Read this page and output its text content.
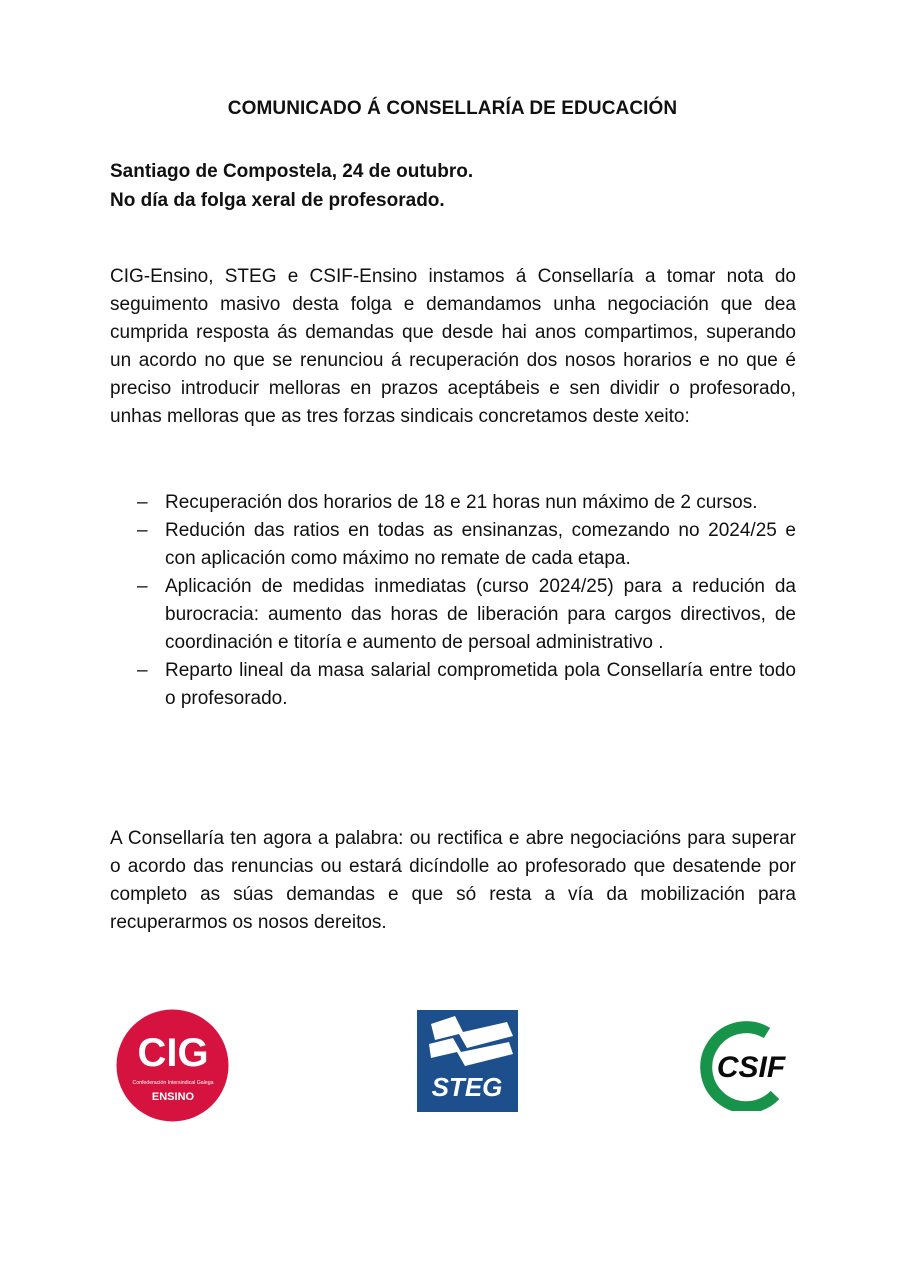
COMUNICADO Á CONSELLARÍA DE EDUCACIÓN
Santiago de Compostela, 24 de outubro.
No día da folga xeral de profesorado.

CIG-Ensino, STEG e CSIF-Ensino instamos á Consellaría a tomar nota do seguimento masivo desta folga e demandamos unha negociación que dea cumprida resposta ás demandas que desde hai anos compartimos, superando un acordo no que se renunciou á recuperación dos nosos horarios e no que é preciso introducir melloras en prazos aceptábeis e sen dividir o profesorado, unhas melloras que as tres forzas sindicais concretamos deste xeito:

– Recuperación dos horarios de 18 e 21 horas nun máximo de 2 cursos.
– Redución das ratios en todas as ensinanzas, comezando no 2024/25 e con aplicación como máximo no remate de cada etapa.
– Aplicación de medidas inmediatas (curso 2024/25) para a redución da burocracia: aumento das horas de liberación para cargos directivos, de coordinación e titoría e aumento de persoal administrativo .
– Reparto lineal da masa salarial comprometida pola Consellaría entre todo o profesorado.

A Consellaría ten agora a palabra: ou rectifica e abre negociacións para superar o acordo das renuncias ou estará dicíndolle ao profesorado que desatende por completo as súas demandas e que só resta a vía da mobilización para recuperarmos os nosos dereitos.

CIG
Confederación Intersindical Galega
ENSINO	STEG
CSIF
